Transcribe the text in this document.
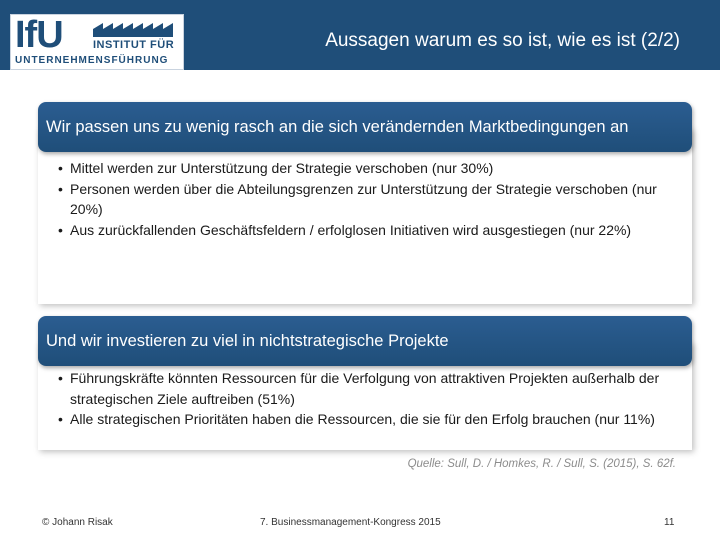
IfU	INSTITUT FÜR
UNTERNEHMENSFÜHRUNG
Aussagen warum es so ist, wie es ist (2/2)
• Mittel werden zur Unterstützung der Strategie verschoben (nur 30%)
• Personen werden über die Abteilungsgrenzen zur Unterstützung der Strategie verschoben (nur 20%)
• Aus zurückfallenden Geschäftsfeldern / erfolglosen Initiativen wird ausgestiegen (nur 22%)
Wir passen uns zu wenig rasch an die sich verändernden Marktbedingungen an
• Führungskräfte könnten Ressourcen für die Verfolgung von attraktiven Projekten außerhalb der strategischen Ziele auftreiben (51%)
• Alle strategischen Prioritäten haben die Ressourcen, die sie für den Erfolg brauchen (nur 11%)
Und wir investieren zu viel in nichtstrategische Projekte
Quelle: Sull, D. / Homkes, R. / Sull, S. (2015), S. 62f.
© Johann Risak	7. Businessmanagement-Kongress 2015	11
